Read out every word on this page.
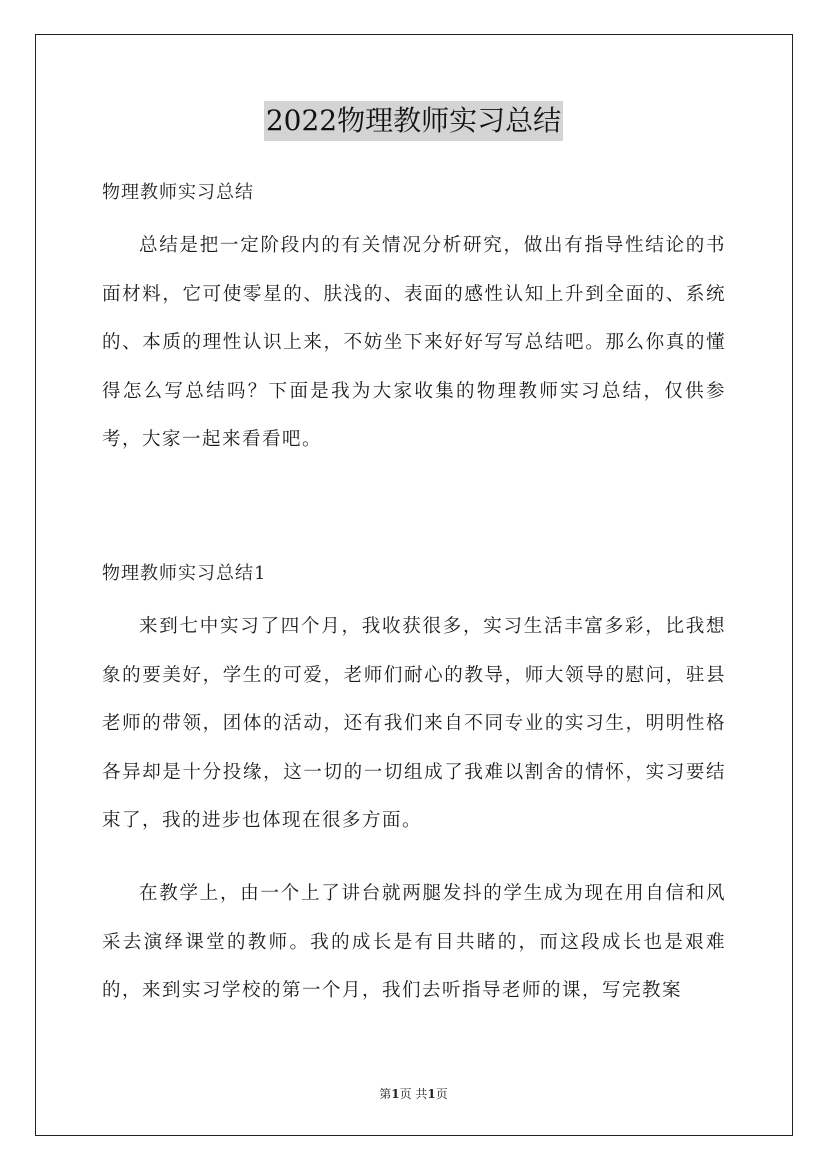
2022物理教师实习总结
物理教师实习总结

总结是把一定阶段内的有关情况分析研究，做出有指导性结论的书面材料，它可使零星的、肤浅的、表面的感性认知上升到全面的、系统的、本质的理性认识上来，不妨坐下来好好写写总结吧。那么你真的懂得怎么写总结吗？下面是我为大家收集的物理教师实习总结，仅供参考，大家一起来看看吧。

物理教师实习总结1

来到七中实习了四个月，我收获很多，实习生活丰富多彩，比我想象的要美好，学生的可爱，老师们耐心的教导，师大领导的慰问，驻县老师的带领，团体的活动，还有我们来自不同专业的实习生，明明性格各异却是十分投缘，这一切的一切组成了我难以割舍的情怀，实习要结束了，我的进步也体现在很多方面。

在教学上，由一个上了讲台就两腿发抖的学生成为现在用自信和风采去演绎课堂的教师。我的成长是有目共睹的，而这段成长也是艰难的，来到实习学校的第一个月，我们去听指导老师的课，写完教案

第1页 共1页
